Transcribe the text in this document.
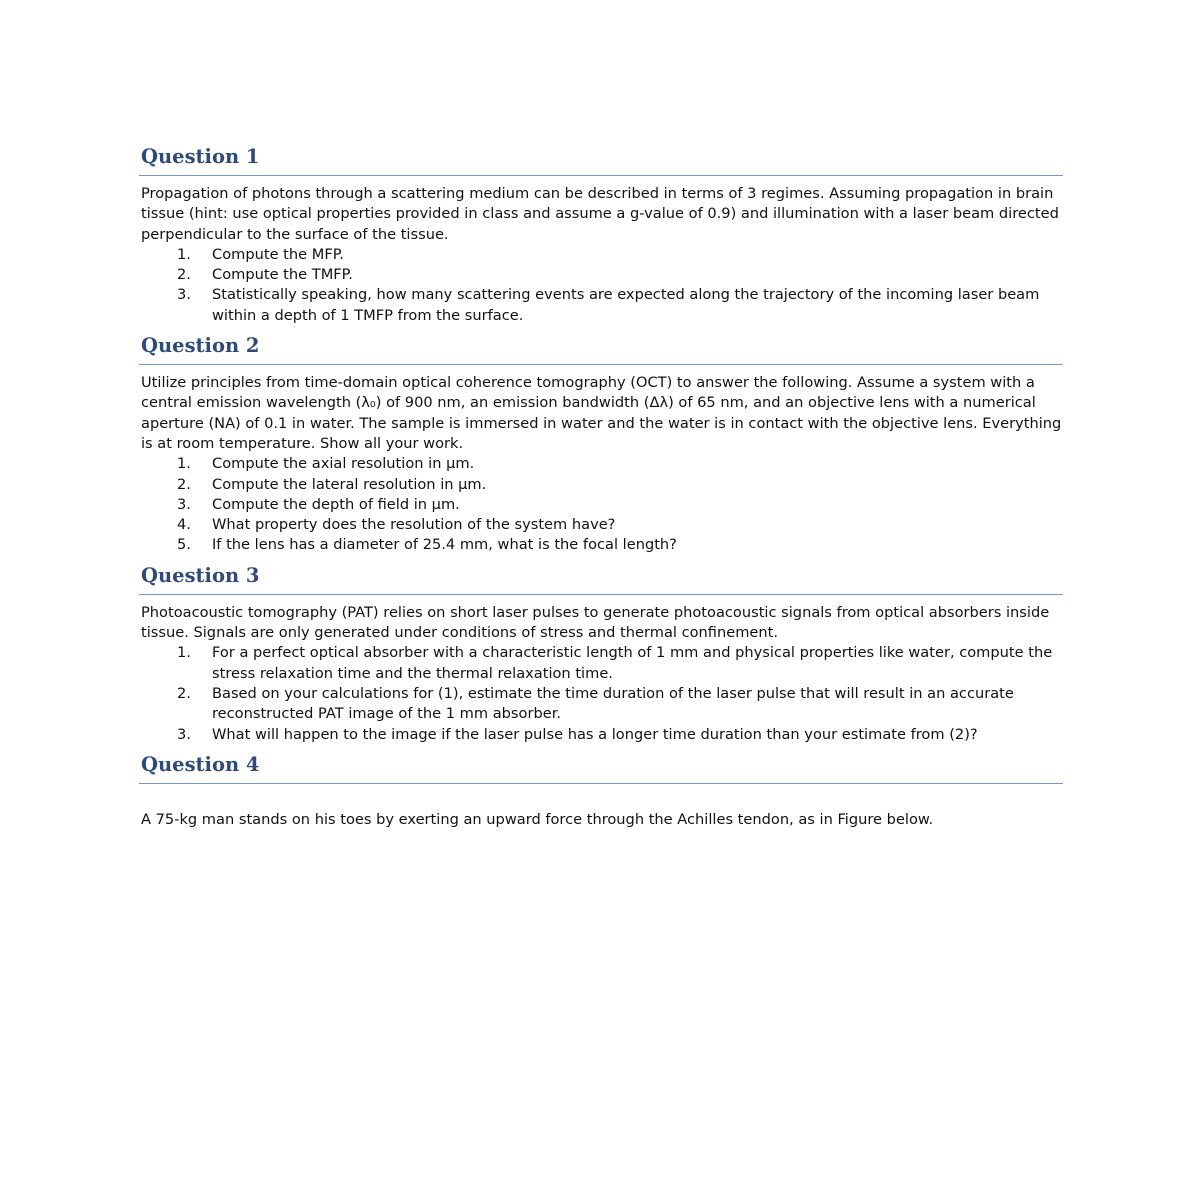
Question 1
Propagation of photons through a scattering medium can be described in terms of 3 regimes. Assuming propagation in brain tissue (hint: use optical properties provided in class and assume a g-value of 0.9) and illumination with a laser beam directed perpendicular to the surface of the tissue.
1.	Compute the MFP.
2.	Compute the TMFP.
3.	Statistically speaking, how many scattering events are expected along the trajectory of the incoming laser beam within a depth of 1 TMFP from the surface.
Question 2
Utilize principles from time-domain optical coherence tomography (OCT) to answer the following. Assume a system with a central emission wavelength (λ₀) of 900 nm, an emission bandwidth (Δλ) of 65 nm, and an objective lens with a numerical aperture (NA) of 0.1 in water. The sample is immersed in water and the water is in contact with the objective lens. Everything is at room temperature. Show all your work.
1.	Compute the axial resolution in µm.
2.	Compute the lateral resolution in µm.
3.	Compute the depth of field in µm.
4.	What property does the resolution of the system have?
5.	If the lens has a diameter of 25.4 mm, what is the focal length?
Question 3
Photoacoustic tomography (PAT) relies on short laser pulses to generate photoacoustic signals from optical absorbers inside tissue. Signals are only generated under conditions of stress and thermal confinement.
1.	For a perfect optical absorber with a characteristic length of 1 mm and physical properties like water, compute the stress relaxation time and the thermal relaxation time.
2.	Based on your calculations for (1), estimate the time duration of the laser pulse that will result in an accurate reconstructed PAT image of the 1 mm absorber.
3.	What will happen to the image if the laser pulse has a longer time duration than your estimate from (2)?
Question 4
A 75-kg man stands on his toes by exerting an upward force through the Achilles tendon, as in Figure below.
